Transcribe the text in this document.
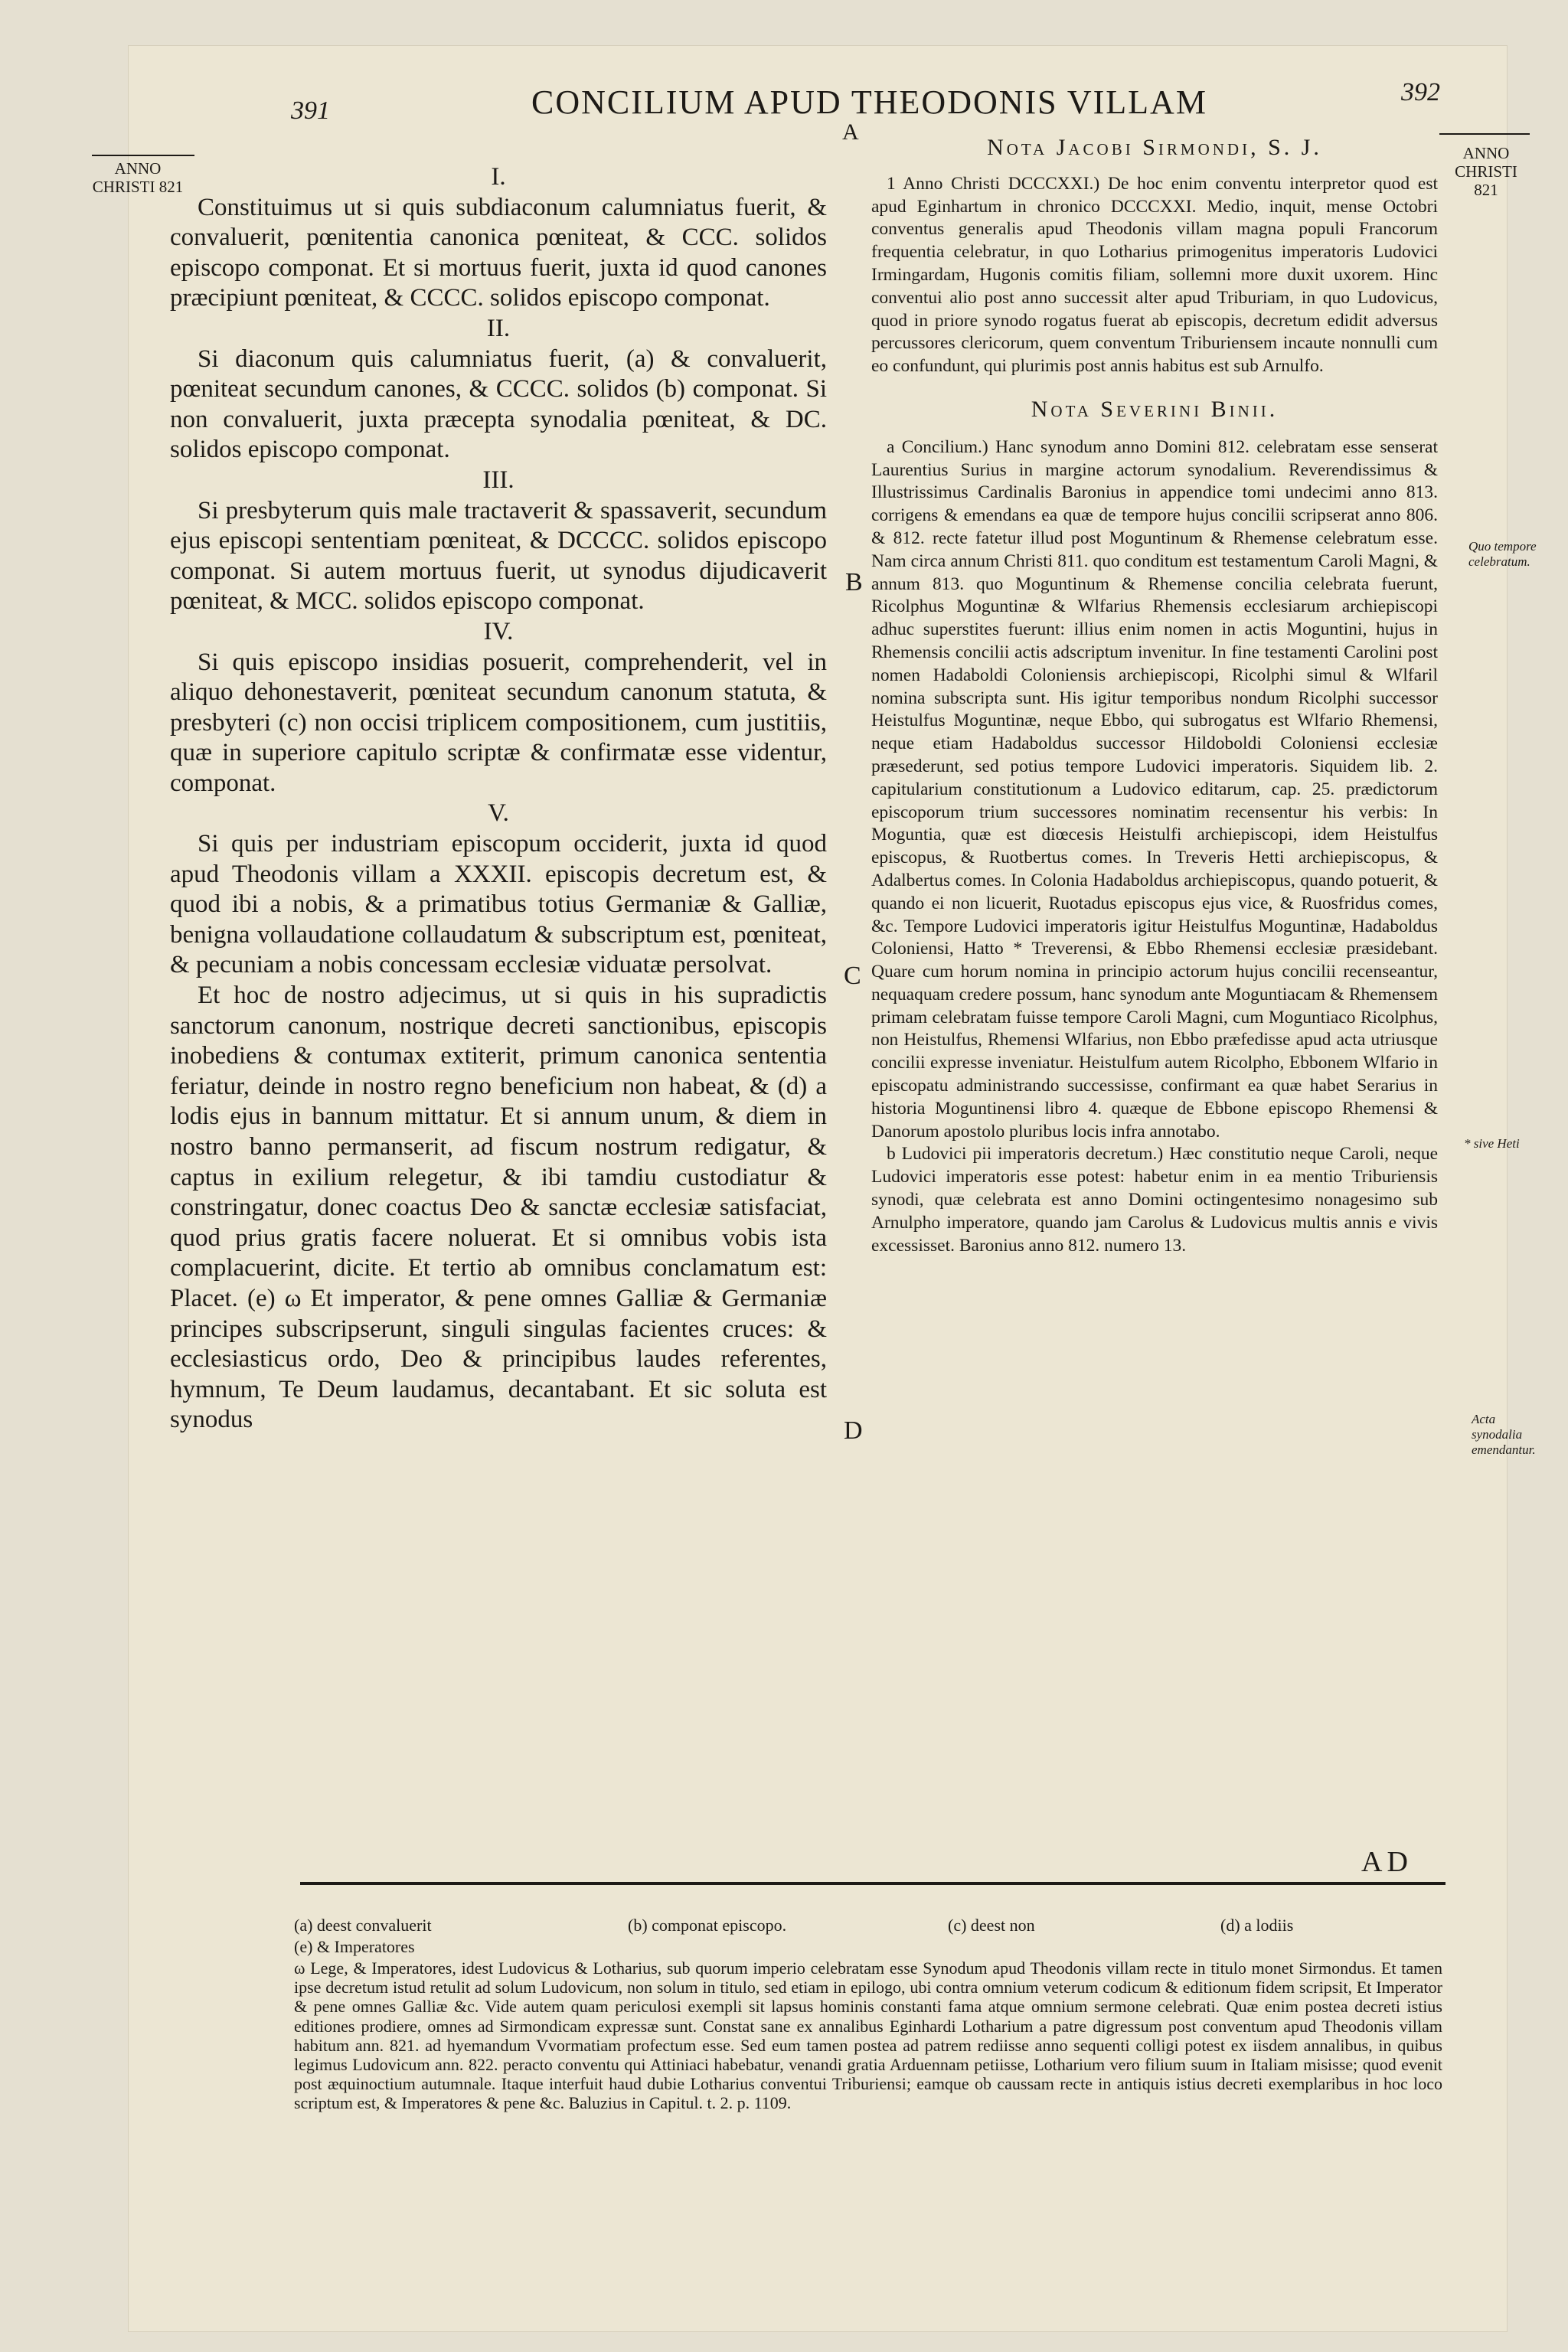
391	CONCILIUM APUD THEODONIS VILLAM	392
A
ANNO CHRISTI 821
ANNO CHRISTI 821
Quo tempore celebratum.
* sive Heti
Acta synodalia emendantur.
I.

Constituimus ut si quis subdiaconum calumniatus fuerit, & convaluerit, pœnitentia canonica pœniteat, & CCC. solidos episcopo componat. Et si mortuus fuerit, juxta id quod canones præcipiunt pœniteat, & CCCC. solidos episcopo componat.

II.

Si diaconum quis calumniatus fuerit, (a) & convaluerit, pœniteat secundum canones, & CCCC. solidos (b) componat. Si non convaluerit, juxta præcepta synodalia pœniteat, & DC. solidos episcopo componat.

III.

Si presbyterum quis male tractaverit & spassaverit, secundum ejus episcopi sententiam pœniteat, & DCCCC. solidos episcopo componat. Si autem mortuus fuerit, ut synodus dijudicaverit pœniteat, & MCC. solidos episcopo componat.

IV.

Si quis episcopo insidias posuerit, comprehenderit, vel in aliquo dehonestaverit, pœniteat secundum canonum statuta, & presbyteri (c) non occisi triplicem compositionem, cum justitiis, quæ in superiore capitulo scriptæ & confirmatæ esse videntur, componat.

V.

Si quis per industriam episcopum occiderit, juxta id quod apud Theodonis villam a XXXII. episcopis decretum est, & quod ibi a nobis, & a primatibus totius Germaniæ & Galliæ, benigna vollaudatione collaudatum & subscriptum est, pœniteat, & pecuniam a nobis concessam ecclesiæ viduatæ persolvat.

Et hoc de nostro adjecimus, ut si quis in his supradictis sanctorum canonum, nostrique decreti sanctionibus, episcopis inobediens & contumax extiterit, primum canonica sententia feriatur, deinde in nostro regno beneficium non habeat, & (d) a lodis ejus in bannum mittatur. Et si annum unum, & diem in nostro banno permanserit, ad fiscum nostrum redigatur, & captus in exilium relegetur, & ibi tamdiu custodiatur & constringatur, donec coactus Deo & sanctæ ecclesiæ satisfaciat, quod prius gratis facere noluerat. Et si omnibus vobis ista complacuerint, dicite. Et tertio ab omnibus conclamatum est: Placet. (e) ω Et imperator, & pene omnes Galliæ & Germaniæ principes subscripserunt, singuli singulas facientes cruces: & ecclesiasticus ordo, Deo & principibus laudes referentes, hymnum, Te Deum laudamus, decantabant. Et sic soluta est synodus

B
C
D
Nota Jacobi Sirmondi, S. J.

1 Anno Christi DCCCXXI.) De hoc enim conventu interpretor quod est apud Eginhartum in chronico DCCCXXI. Medio, inquit, mense Octobri conventus generalis apud Theodonis villam magna populi Francorum frequentia celebratur, in quo Lotharius primogenitus imperatoris Ludovici Irmingardam, Hugonis comitis filiam, sollemni more duxit uxorem. Hinc conventui alio post anno successit alter apud Triburiam, in quo Ludovicus, quod in priore synodo rogatus fuerat ab episcopis, decretum edidit adversus percussores clericorum, quem conventum Triburiensem incaute nonnulli cum eo confundunt, qui plurimis post annis habitus est sub Arnulfo.

Nota Severini Binii.

a Concilium.) Hanc synodum anno Domini 812. celebratam esse senserat Laurentius Surius in margine actorum synodalium. Reverendissimus & Illustrissimus Cardinalis Baronius in appendice tomi undecimi anno 813. corrigens & emendans ea quæ de tempore hujus concilii scripserat anno 806. & 812. recte fatetur illud post Moguntinum & Rhemense celebratum esse. Nam circa annum Christi 811. quo conditum est testamentum Caroli Magni, & annum 813. quo Moguntinum & Rhemense concilia celebrata fuerunt, Ricolphus Moguntinæ & Wlfarius Rhemensis ecclesiarum archiepiscopi adhuc superstites fuerunt: illius enim nomen in actis Moguntini, hujus in Rhemensis concilii actis adscriptum invenitur. In fine testamenti Carolini post nomen Hadaboldi Coloniensis archiepiscopi, Ricolphi simul & Wlfaril nomina subscripta sunt. His igitur temporibus nondum Ricolphi successor Heistulfus Moguntinæ, neque Ebbo, qui subrogatus est Wlfario Rhemensi, neque etiam Hadaboldus successor Hildoboldi Coloniensi ecclesiæ præsederunt, sed potius tempore Ludovici imperatoris. Siquidem lib. 2. capitularium constitutionum a Ludovico editarum, cap. 25. prædictorum episcoporum trium successores nominatim recensentur his verbis: In Moguntia, quæ est diœcesis Heistulfi archiepiscopi, idem Heistulfus episcopus, & Ruotbertus comes. In Treveris Hetti archiepiscopus, & Adalbertus comes. In Colonia Hadaboldus archiepiscopus, quando potuerit, & quando ei non licuerit, Ruotadus episcopus ejus vice, & Ruosfridus comes, &c. Tempore Ludovici imperatoris igitur Heistulfus Moguntinæ, Hadaboldus Coloniensi, Hatto * Treverensi, & Ebbo Rhemensi ecclesiæ præsidebant. Quare cum horum nomina in principio actorum hujus concilii recenseantur, nequaquam credere possum, hanc synodum ante Moguntiacam & Rhemensem primam celebratam fuisse tempore Caroli Magni, cum Moguntiaco Ricolphus, non Heistulfus, Rhemensi Wlfarius, non Ebbo præfedisse apud acta utriusque concilii expresse inveniatur. Heistulfum autem Ricolpho, Ebbonem Wlfario in episcopatu administrando successisse, confirmant ea quæ habet Serarius in historia Moguntinensi libro 4. quæque de Ebbone episcopo Rhemensi & Danorum apostolo pluribus locis infra annotabo.

b Ludovici pii imperatoris decretum.) Hæc constitutio neque Caroli, neque Ludovici imperatoris esse potest: habetur enim in ea mentio Triburiensis synodi, quæ celebrata est anno Domini octingentesimo nonagesimo sub Arnulpho imperatore, quando jam Carolus & Ludovicus multis annis e vivis excessisset. Baronius anno 812. numero 13.

AD
(a) deest convaluerit	(b) componat episcopo.	(c) deest non	(d) a lodiis
(e) & Imperatores

ω Lege, & Imperatores, idest Ludovicus & Lotharius, sub quorum imperio celebratam esse Synodum apud Theodonis villam recte in titulo monet Sirmondus. Et tamen ipse decretum istud retulit ad solum Ludovicum, non solum in titulo, sed etiam in epilogo, ubi contra omnium veterum codicum & editionum fidem scripsit, Et Imperator & pene omnes Galliæ &c. Vide autem quam periculosi exempli sit lapsus hominis constanti fama atque omnium sermone celebrati. Quæ enim postea decreti istius editiones prodiere, omnes ad Sirmondicam expressæ sunt. Constat sane ex annalibus Eginhardi Lotharium a patre digressum post conventum apud Theodonis villam habitum ann. 821. ad hyemandum Vvormatiam profectum esse. Sed eum tamen postea ad patrem rediisse anno sequenti colligi potest ex iisdem annalibus, in quibus legimus Ludovicum ann. 822. peracto conventu qui Attiniaci habebatur, venandi gratia Arduennam petiisse, Lotharium vero filium suum in Italiam misisse; quod evenit post æquinoctium autumnale. Itaque interfuit haud dubie Lotharius conventui Triburiensi; eamque ob caussam recte in antiquis istius decreti exemplaribus in hoc loco scriptum est, & Imperatores & pene &c. Baluzius in Capitul. t. 2. p. 1109.
